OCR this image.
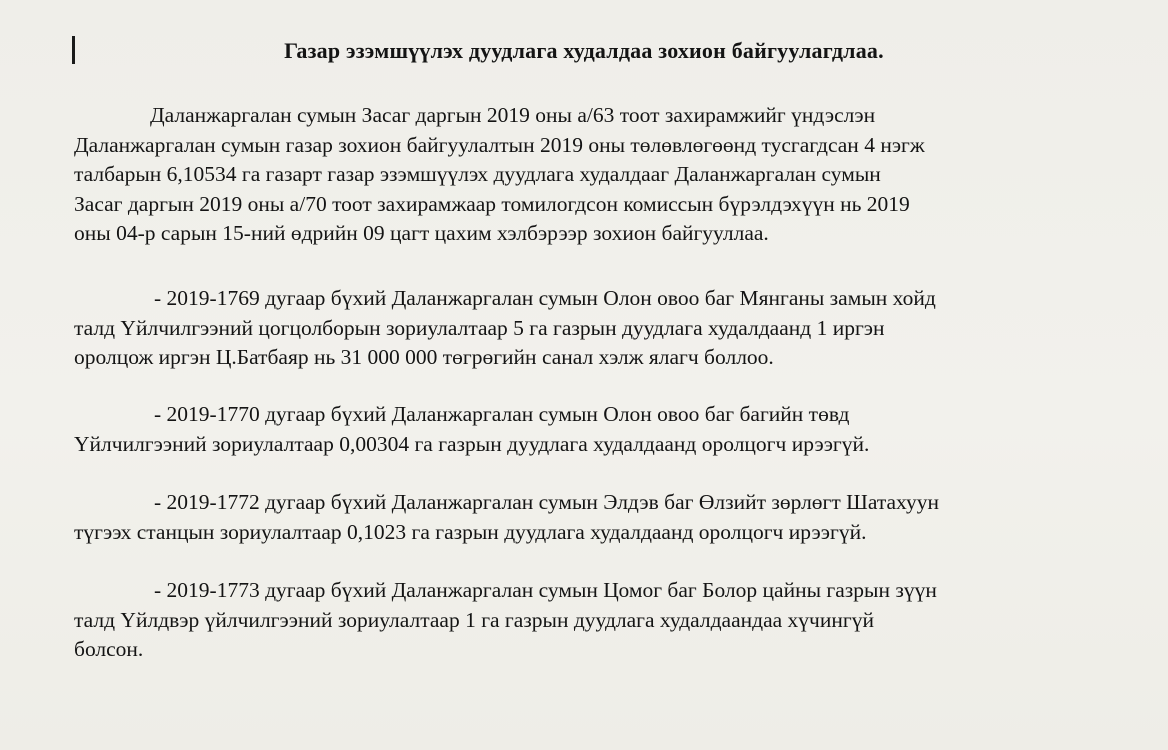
Газар эзэмшүүлэх дуудлага худалдаа зохион байгуулагдлаа.
Даланжаргалан сумын Засаг даргын 2019 оны а/63 тоот захирамжийг үндэслэн
Даланжаргалан сумын газар зохион байгуулалтын 2019 оны төлөвлөгөөнд тусгагдсан 4 нэгж
талбарын 6,10534 га газарт газар эзэмшүүлэх дуудлага худалдааг Даланжаргалан сумын
Засаг даргын 2019 оны а/70 тоот захирамжаар томилогдсон комиссын бүрэлдэхүүн нь 2019
оны 04-р сарын 15-ний өдрийн 09 цагт цахим хэлбэрээр зохион байгууллаа.
- 2019-1769 дугаар бүхий Даланжаргалан сумын Олон овоо баг Мянганы замын хойд
талд Үйлчилгээний цогцолборын зориулалтаар 5 га газрын дуудлага худалдаанд 1 иргэн
оролцож иргэн Ц.Батбаяр нь 31 000 000 төгрөгийн санал хэлж ялагч боллоо.
- 2019-1770 дугаар бүхий Даланжаргалан сумын Олон овоо баг багийн төвд
Үйлчилгээний зориулалтаар 0,00304 га газрын дуудлага худалдаанд оролцогч ирээгүй.
- 2019-1772 дугаар бүхий Даланжаргалан сумын Элдэв баг Өлзийт зөрлөгт Шатахуун
түгээх станцын зориулалтаар 0,1023 га газрын дуудлага худалдаанд оролцогч ирээгүй.
- 2019-1773 дугаар бүхий Даланжаргалан сумын Цомог баг Болор цайны газрын зүүн
талд Үйлдвэр үйлчилгээний зориулалтаар 1 га газрын дуудлага худалдаандаа хүчингүй
болсон.
